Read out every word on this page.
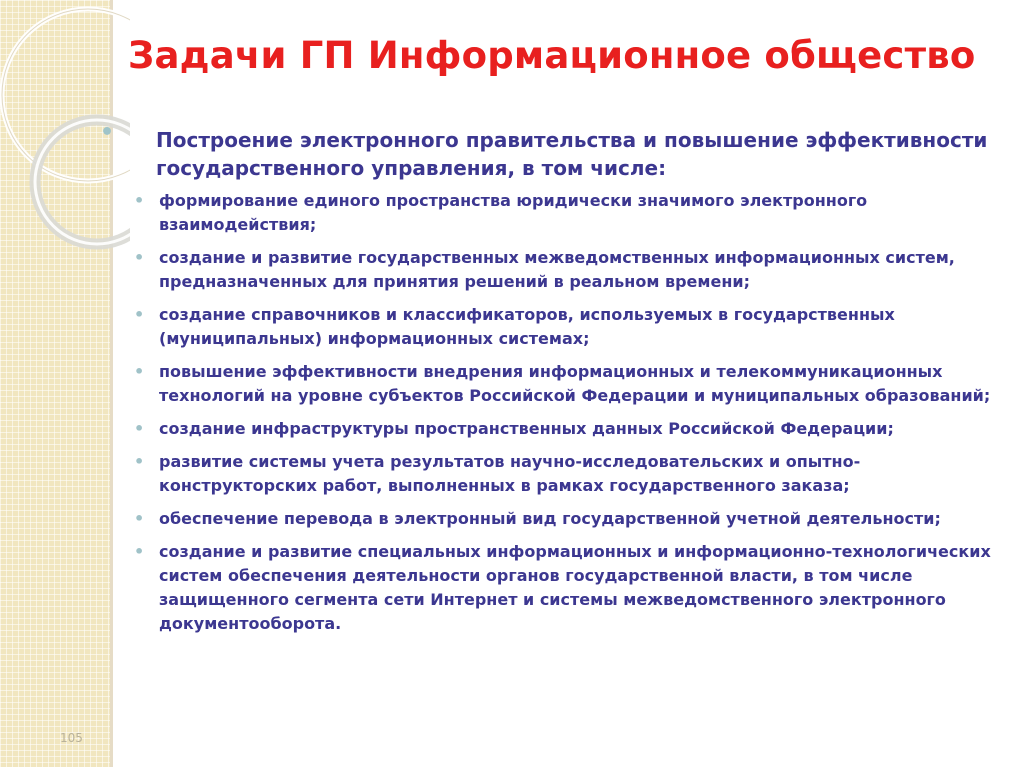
Задачи ГП Информационное общество
• Построение электронного правительства и повышение эффективности государственного управления, в том числе:
• формирование единого пространства юридически значимого электронного взаимодействия;
• создание и развитие государственных межведомственных информационных систем, предназначенных для принятия решений в реальном времени;
• создание справочников и классификаторов, используемых в государственных (муниципальных) информационных системах;
• повышение эффективности внедрения информационных и телекоммуникационных технологий на уровне субъектов Российской Федерации и муниципальных образований;
• создание инфраструктуры пространственных данных Российской Федерации;
• развитие системы учета результатов научно-исследовательских и опытно-конструкторских работ, выполненных в рамках государственного заказа;
• обеспечение перевода в электронный вид государственной учетной деятельности;
• создание и развитие специальных информационных и информационно-технологических систем обеспечения деятельности органов государственной власти, в том числе защищенного сегмента сети Интернет и системы межведомственного электронного документооборота.
105
